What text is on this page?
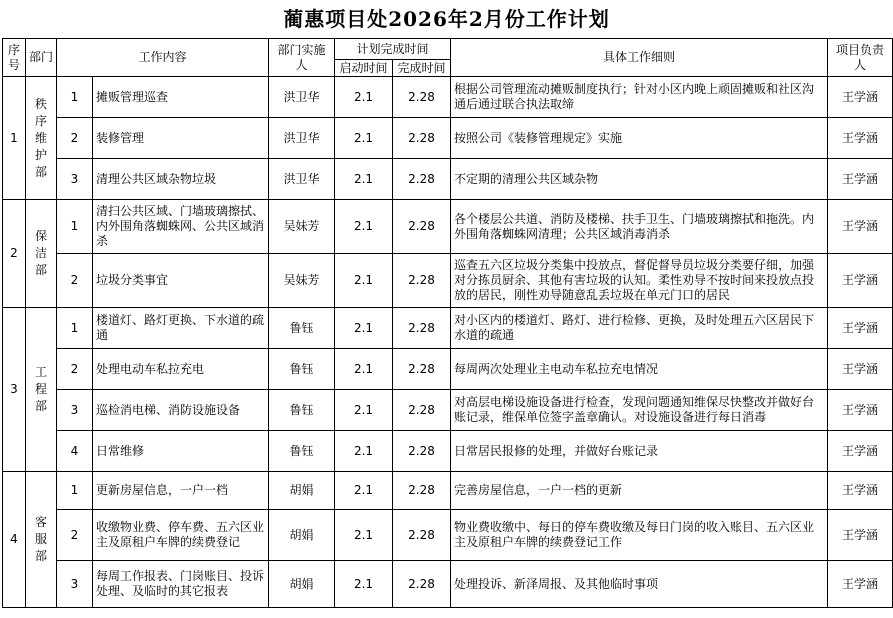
蔺惠项目处2026年2月份工作计划
序号	部门	工作内容		部门实施人	计划完成时间		具体工作细则	项目负责人
					启动时间	完成时间		
1	秩序维护部	1	摊贩管理巡查	洪卫华	2.1	2.28	根据公司管理流动摊贩制度执行；针对小区内晚上顽固摊贩和社区沟通后通过联合执法取缔	王学涵
		2	装修管理	洪卫华	2.1	2.28	按照公司《装修管理规定》实施	王学涵
		3	清理公共区域杂物垃圾	洪卫华	2.1	2.28	不定期的清理公共区域杂物	王学涵
2	保洁部	1	清扫公共区域、门墙玻璃擦拭、内外围角落蜘蛛网、公共区域消杀	吴妹芳	2.1	2.28	各个楼层公共道、消防及楼梯、扶手卫生、门墙玻璃擦拭和拖洗。内外围角落蜘蛛网清理；公共区域消毒消杀	王学涵
		2	垃圾分类事宜	吴妹芳	2.1	2.28	巡查五六区垃圾分类集中投放点，督促督导员垃圾分类要仔细，加强对分拣员厨余、其他有害垃圾的认知。柔性劝导不按时间来投放点投放的居民，刚性劝导随意乱丢垃圾在单元门口的居民	王学涵
3	工程部	1	楼道灯、路灯更换、下水道的疏通	鲁钰	2.1	2.28	对小区内的楼道灯、路灯、进行检修、更换，及时处理五六区居民下水道的疏通	王学涵
		2	处理电动车私拉充电	鲁钰	2.1	2.28	每周两次处理业主电动车私拉充电情况	王学涵
		3	巡检消电梯、消防设施设备	鲁钰	2.1	2.28	对高层电梯设施设备进行检查，发现问题通知维保尽快整改并做好台账记录，维保单位签字盖章确认。对设施设备进行每日消毒	王学涵
		4	日常维修	鲁钰	2.1	2.28	日常居民报修的处理，并做好台账记录	王学涵
4	客服部	1	更新房屋信息，一户一档	胡娟	2.1	2.28	完善房屋信息，一户一档的更新	王学涵
		2	收缴物业费、停车费、五六区业主及原租户车牌的续费登记	胡娟	2.1	2.28	物业费收缴中、每日的停车费收缴及每日门岗的收入账目、五六区业主及原租户车牌的续费登记工作	王学涵
		3	每周工作报表、门岗账目、投诉处理、及临时的其它报表	胡娟	2.1	2.28	处理投诉、新泽周报、及其他临时事项	王学涵
